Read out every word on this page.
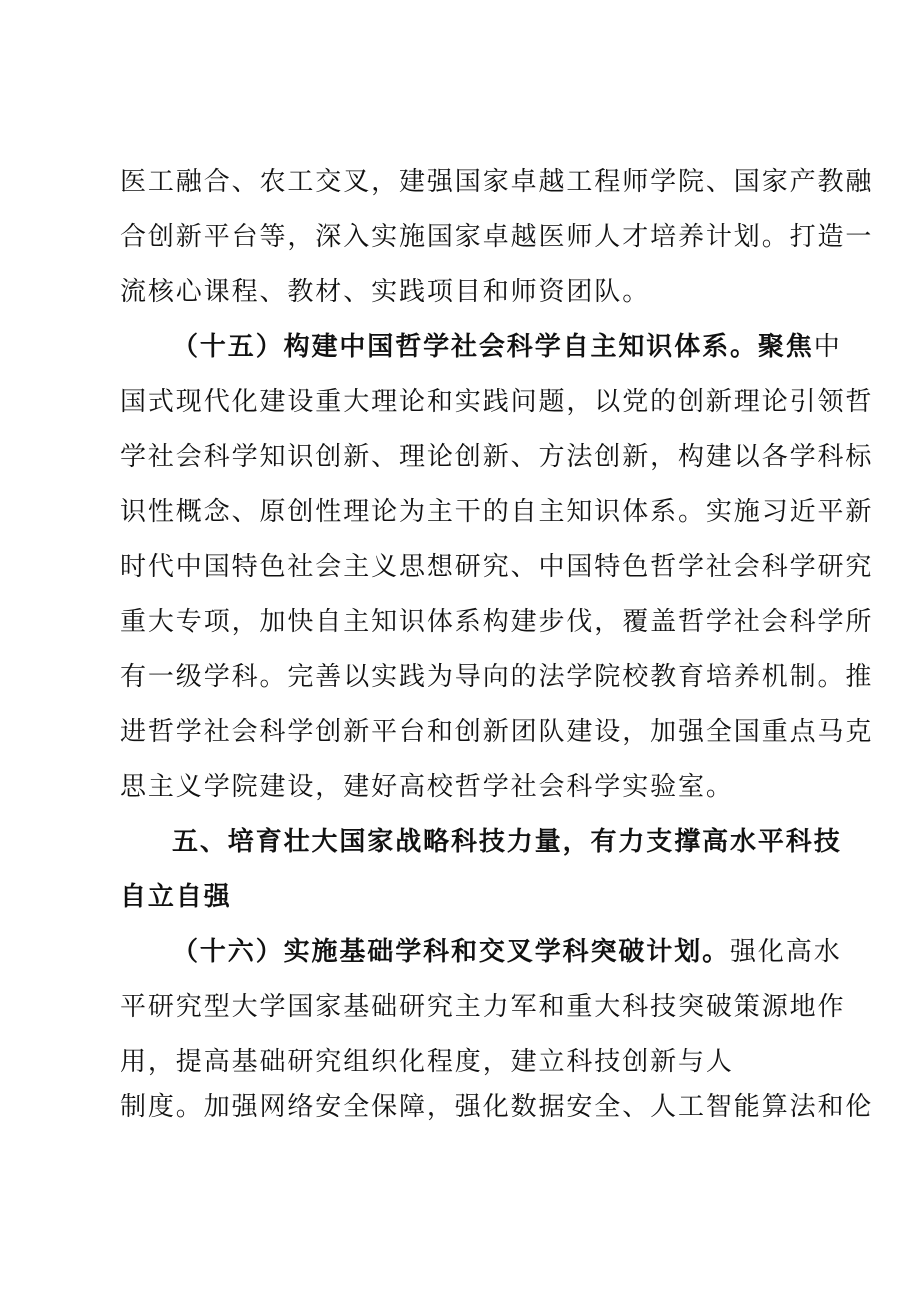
医工融合、农工交叉，建强国家卓越工程师学院、国家产教融
合创新平台等，深入实施国家卓越医师人才培养计划。打造一
流核心课程、教材、实践项目和师资团队。
（十五）构建中国哲学社会科学自主知识体系。聚焦中
国式现代化建设重大理论和实践问题，以党的创新理论引领哲
学社会科学知识创新、理论创新、方法创新，构建以各学科标
识性概念、原创性理论为主干的自主知识体系。实施习近平新
时代中国特色社会主义思想研究、中国特色哲学社会科学研究
重大专项，加快自主知识体系构建步伐，覆盖哲学社会科学所
有一级学科。完善以实践为导向的法学院校教育培养机制。推
进哲学社会科学创新平台和创新团队建设，加强全国重点马克
思主义学院建设，建好高校哲学社会科学实验室。
五、培育壮大国家战略科技力量，有力支撑高水平科技
自立自强
（十六）实施基础学科和交叉学科突破计划。强化高水
平研究型大学国家基础研究主力军和重大科技突破策源地作
用，提高基础研究组织化程度，建立科技创新与人
制度。加强网络安全保障，强化数据安全、人工智能算法和伦
